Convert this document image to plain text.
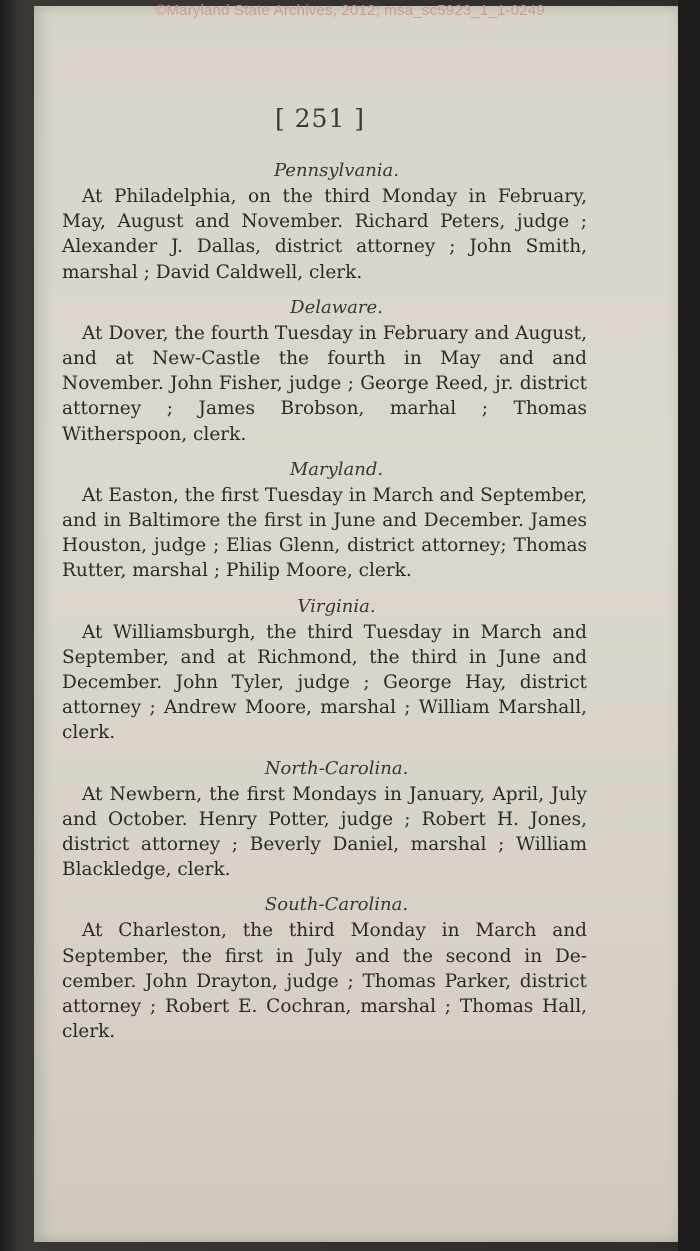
©Maryland State Archives, 2012; msa_sc5923_1_1-0249
[ 251 ]

Pennsylvania.

At Philadelphia, on the third Monday in February, May, August and November. Richard Peters, judge ; Alexander J. Dallas, district attorney ; John Smith, marshal ; David Caldwell, clerk.

Delaware.

At Dover, the fourth Tuesday in February and August, and at New-Castle the fourth in May and and November. John Fisher, judge ; George Reed, jr. district attorney ; James Brobson, marhal ; Thomas Witherspoon, clerk.

Maryland.

At Easton, the first Tuesday in March and September, and in Baltimore the first in June and December. James Houston, judge ; Elias Glenn, district attorney; Thomas Rutter, marshal ; Philip Moore, clerk.

Virginia.

At Williamsburgh, the third Tuesday in March and September, and at Richmond, the third in June and December. John Tyler, judge ; George Hay, district attorney ; Andrew Moore, marshal ; William Marshall, clerk.

North-Carolina.

At Newbern, the first Mondays in January, April, July and October. Henry Potter, judge ; Robert H. Jones, district attorney ; Beverly Daniel, marshal ; William Blackledge, clerk.

South-Carolina.

At Charleston, the third Monday in March and September, the first in July and the second in December. John Drayton, judge ; Thomas Parker, district attorney ; Robert E. Cochran, marshal ; Thomas Hall, clerk.
